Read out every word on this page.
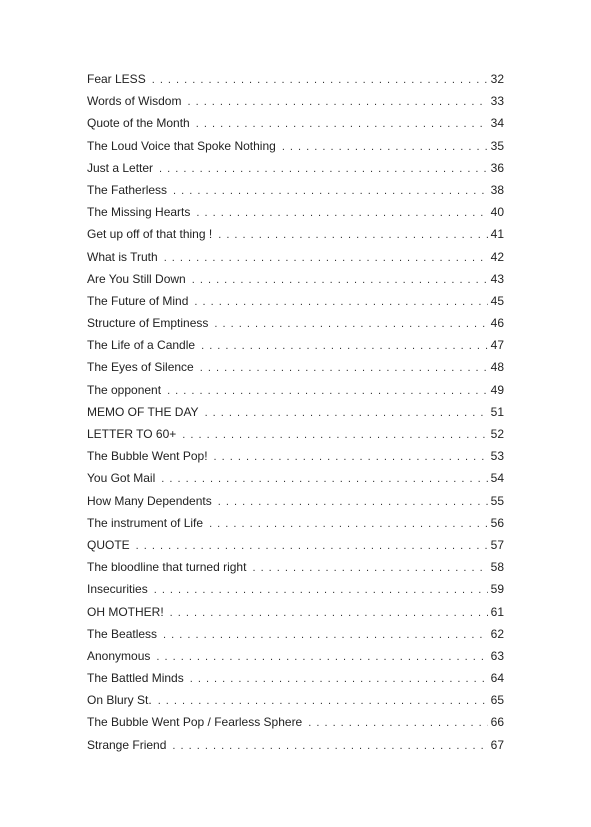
Fear LESS . . .	32
Words of Wisdom . . .	33
Quote of the Month . . .	34
The Loud Voice that Spoke Nothing . . .	35
Just a Letter . . .	36
The Fatherless . . .	38
The Missing Hearts . . .	40
Get up off of that thing ! . . .	41
What is Truth . . .	42
Are You Still Down . . .	43
The Future of Mind . . .	45
Structure of Emptiness . . .	46
The Life of a Candle . . .	47
The Eyes of Silence . . .	48
The opponent . . .	49
MEMO OF THE DAY . . .	51
LETTER TO 60+ . . .	52
The Bubble Went Pop! . . .	53
You Got Mail . . .	54
How Many Dependents . . .	55
The instrument of Life . . .	56
QUOTE . . .	57
The bloodline that turned right . . .	58
Insecurities . . .	59
OH MOTHER! . . .	61
The Beatless . . .	62
Anonymous . . .	63
The Battled Minds . . .	64
On Blury St. . . .	65
The Bubble Went Pop / Fearless Sphere . . .	66
Strange Friend . . .	67
